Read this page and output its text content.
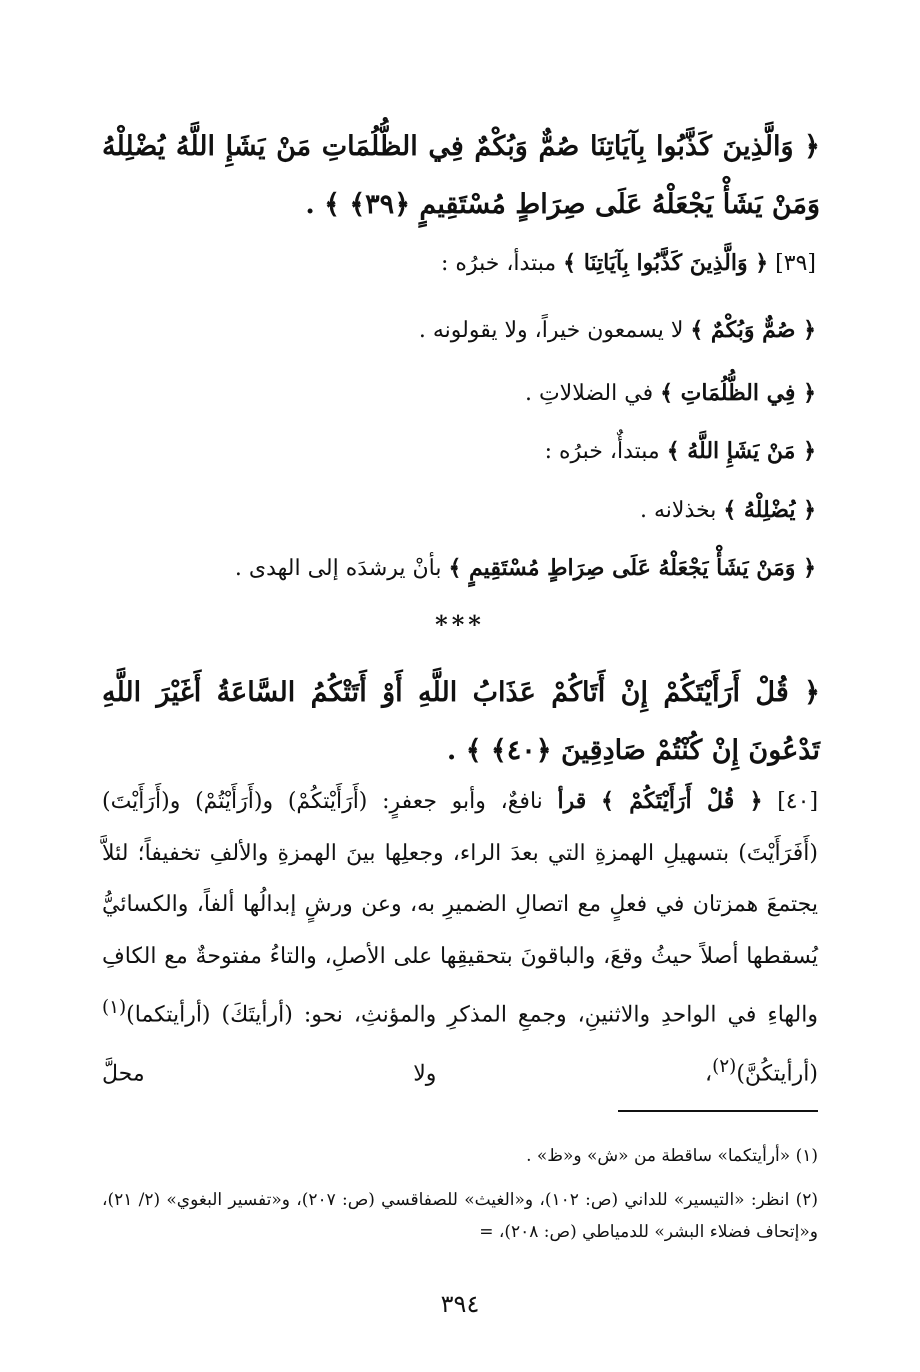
﴿ وَالَّذِينَ كَذَّبُوا بِآيَاتِنَا صُمٌّ وَبُكْمٌ فِي الظُّلُمَاتِ مَنْ يَشَإِ اللَّهُ يُضْلِلْهُ وَمَنْ يَشَأْ يَجْعَلْهُ عَلَى صِرَاطٍ مُسْتَقِيمٍ ﴿٣٩﴾ ﴾ .
[٣٩] ﴿ وَالَّذِينَ كَذَّبُوا بِآيَاتِنَا ﴾ مبتدأ، خبرُه :
﴿ صُمٌّ وَبُكْمٌ ﴾ لا يسمعون خيراً، ولا يقولونه .
﴿ فِي الظُّلُمَاتِ ﴾ في الضلالاتِ .
﴿ مَنْ يَشَإِ اللَّهُ ﴾ مبتدأٌ، خبرُه :
﴿ يُضْلِلْهُ ﴾ بخذلانه .
﴿ وَمَنْ يَشَأْ يَجْعَلْهُ عَلَى صِرَاطٍ مُسْتَقِيمٍ ﴾ بأنْ يرشدَه إلى الهدى .
***
﴿ قُلْ أَرَأَيْتَكُمْ إِنْ أَتَاكُمْ عَذَابُ اللَّهِ أَوْ أَتَتْكُمُ السَّاعَةُ أَغَيْرَ اللَّهِ تَدْعُونَ إِنْ كُنْتُمْ صَادِقِينَ ﴿٤٠﴾ ﴾ .
[٤٠] ﴿ قُلْ أَرَأَيْتَكُمْ ﴾ قرأ نافعٌ، وأبو جعفرٍ: (أَرَأَيْتكُمْ) و(أَرَأَيْتُمْ) و(أَرَأَيْتَ) (أَفَرَأَيْتَ) بتسهيلِ الهمزةِ التي بعدَ الراء، وجعلِها بينَ الهمزةِ والألفِ تخفيفاً؛ لئلاَّ يجتمعَ همزتان في فعلٍ مع اتصالِ الضميرِ به، وعن ورشٍ إبدالُها ألفاً، والكسائيُّ يُسقطها أصلاً حيثُ وقعَ، والباقونَ بتحقيقِها على الأصلِ، والتاءُ مفتوحةٌ مع الكافِ والهاءِ في الواحدِ والاثنينِ، وجمعِ المذكرِ والمؤنثِ، نحو: (أرأيتَكَ) (أرأيتكما)$^{(١)}$ (أرأيتكُنَّ)$^{(٢)}$، ولا محلَّ
(١) «أرأيتكما» ساقطة من «ش» و«ظ» .
(٢) انظر: «التيسير» للداني (ص: ١٠٢)، و«الغيث» للصفاقسي (ص: ٢٠٧)، و«تفسير البغوي» (٢/ ٢١)، و«إتحاف فضلاء البشر» للدمياطي (ص: ٢٠٨)، =
٣٩٤
